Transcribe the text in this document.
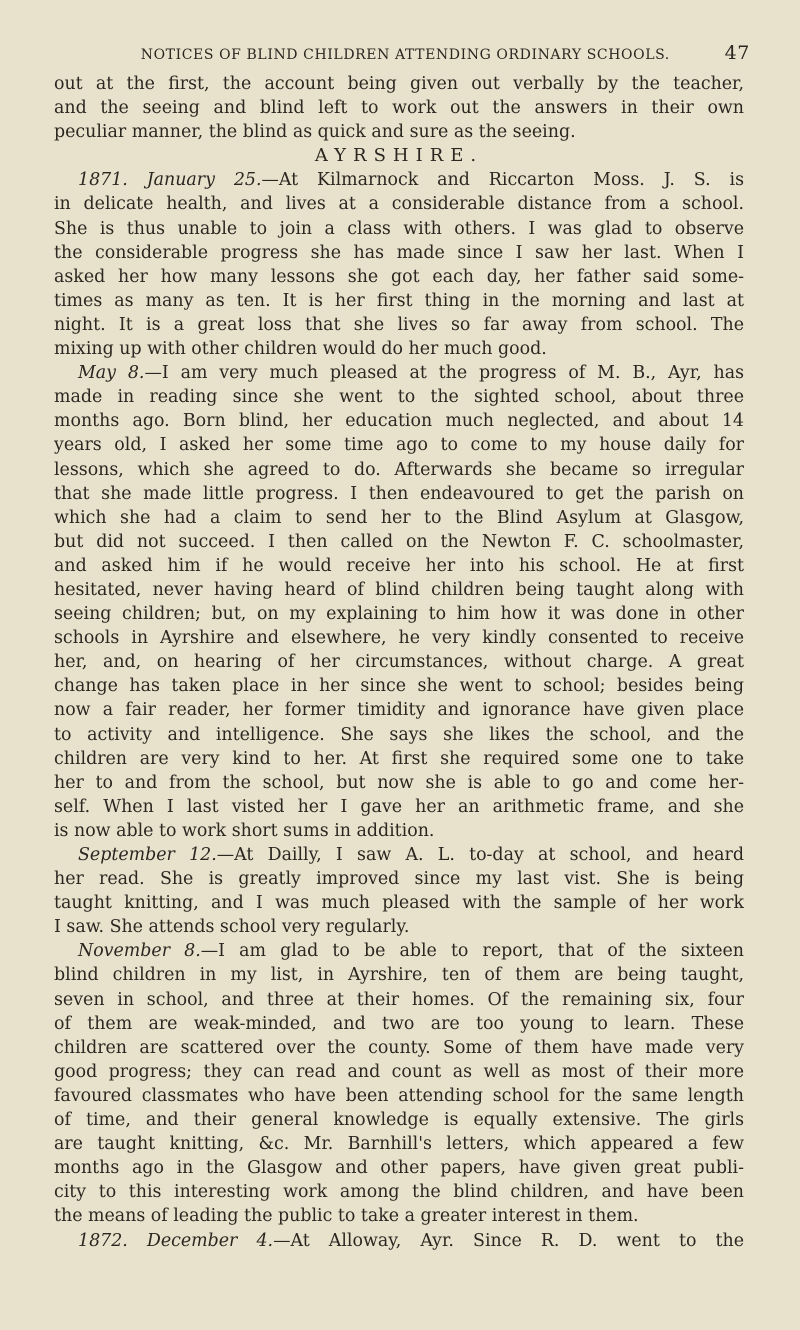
NOTICES OF BLIND CHILDREN ATTENDING ORDINARY SCHOOLS.	47
out at the first, the account being given out verbally by the teacher,
and the seeing and blind left to work out the answers in their own
peculiar manner, the blind as quick and sure as the seeing.
AYRSHIRE.
1871. January 25.—At Kilmarnock and Riccarton Moss. J. S. is
in delicate health, and lives at a considerable distance from a school.
She is thus unable to join a class with others. I was glad to observe
the considerable progress she has made since I saw her last. When I
asked her how many lessons she got each day, her father said some-
times as many as ten. It is her first thing in the morning and last at
night. It is a great loss that she lives so far away from school. The
mixing up with other children would do her much good.
May 8.—I am very much pleased at the progress of M. B., Ayr, has
made in reading since she went to the sighted school, about three
months ago. Born blind, her education much neglected, and about 14
years old, I asked her some time ago to come to my house daily for
lessons, which she agreed to do. Afterwards she became so irregular
that she made little progress. I then endeavoured to get the parish on
which she had a claim to send her to the Blind Asylum at Glasgow,
but did not succeed. I then called on the Newton F. C. schoolmaster,
and asked him if he would receive her into his school. He at first
hesitated, never having heard of blind children being taught along with
seeing children; but, on my explaining to him how it was done in other
schools in Ayrshire and elsewhere, he very kindly consented to receive
her, and, on hearing of her circumstances, without charge. A great
change has taken place in her since she went to school; besides being
now a fair reader, her former timidity and ignorance have given place
to activity and intelligence. She says she likes the school, and the
children are very kind to her. At first she required some one to take
her to and from the school, but now she is able to go and come her-
self. When I last visted her I gave her an arithmetic frame, and she
is now able to work short sums in addition.
September 12.—At Dailly, I saw A. L. to-day at school, and heard
her read. She is greatly improved since my last vist. She is being
taught knitting, and I was much pleased with the sample of her work
I saw. She attends school very regularly.
November 8.—I am glad to be able to report, that of the sixteen
blind children in my list, in Ayrshire, ten of them are being taught,
seven in school, and three at their homes. Of the remaining six, four
of them are weak-minded, and two are too young to learn. These
children are scattered over the county. Some of them have made very
good progress; they can read and count as well as most of their more
favoured classmates who have been attending school for the same length
of time, and their general knowledge is equally extensive. The girls
are taught knitting, &c. Mr. Barnhill's letters, which appeared a few
months ago in the Glasgow and other papers, have given great publi-
city to this interesting work among the blind children, and have been
the means of leading the public to take a greater interest in them.
1872. December 4.—At Alloway, Ayr. Since R. D. went to the
